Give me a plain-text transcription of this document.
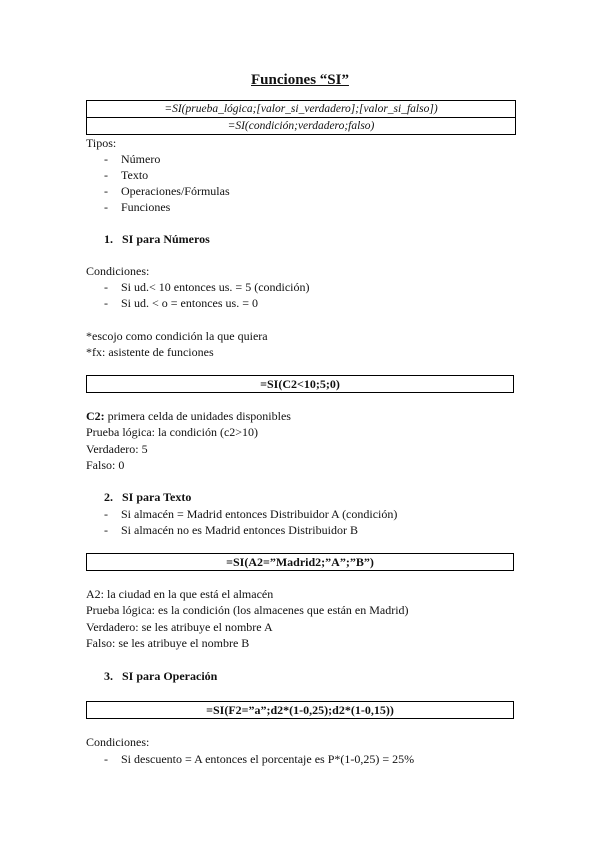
Funciones “SI”
=SI(prueba_lógica;[valor_si_verdadero];[valor_si_falso])
=SI(condición;verdadero;falso)
Tipos:
- Número
- Texto
- Operaciones/Fórmulas
- Funciones
1. SI para Números
Condiciones:
- Si ud.< 10 entonces us. = 5 (condición)
- Si ud. < o = entonces us. = 0
*escojo como condición la que quiera
*fx: asistente de funciones
=SI(C2<10;5;0)
C2: primera celda de unidades disponibles
Prueba lógica: la condición (c2>10)
Verdadero: 5
Falso: 0
2. SI para Texto
- Si almacén = Madrid entonces Distribuidor A (condición)
- Si almacén no es Madrid entonces Distribuidor B
=SI(A2=”Madrid2;”A”;”B”)
A2: la ciudad en la que está el almacén
Prueba lógica: es la condición (los almacenes que están en Madrid)
Verdadero: se les atribuye el nombre A
Falso: se les atribuye el nombre B
3. SI para Operación
=SI(F2=”a”;d2*(1-0,25);d2*(1-0,15))
Condiciones:
- Si descuento = A entonces el porcentaje es P*(1-0,25) = 25%
